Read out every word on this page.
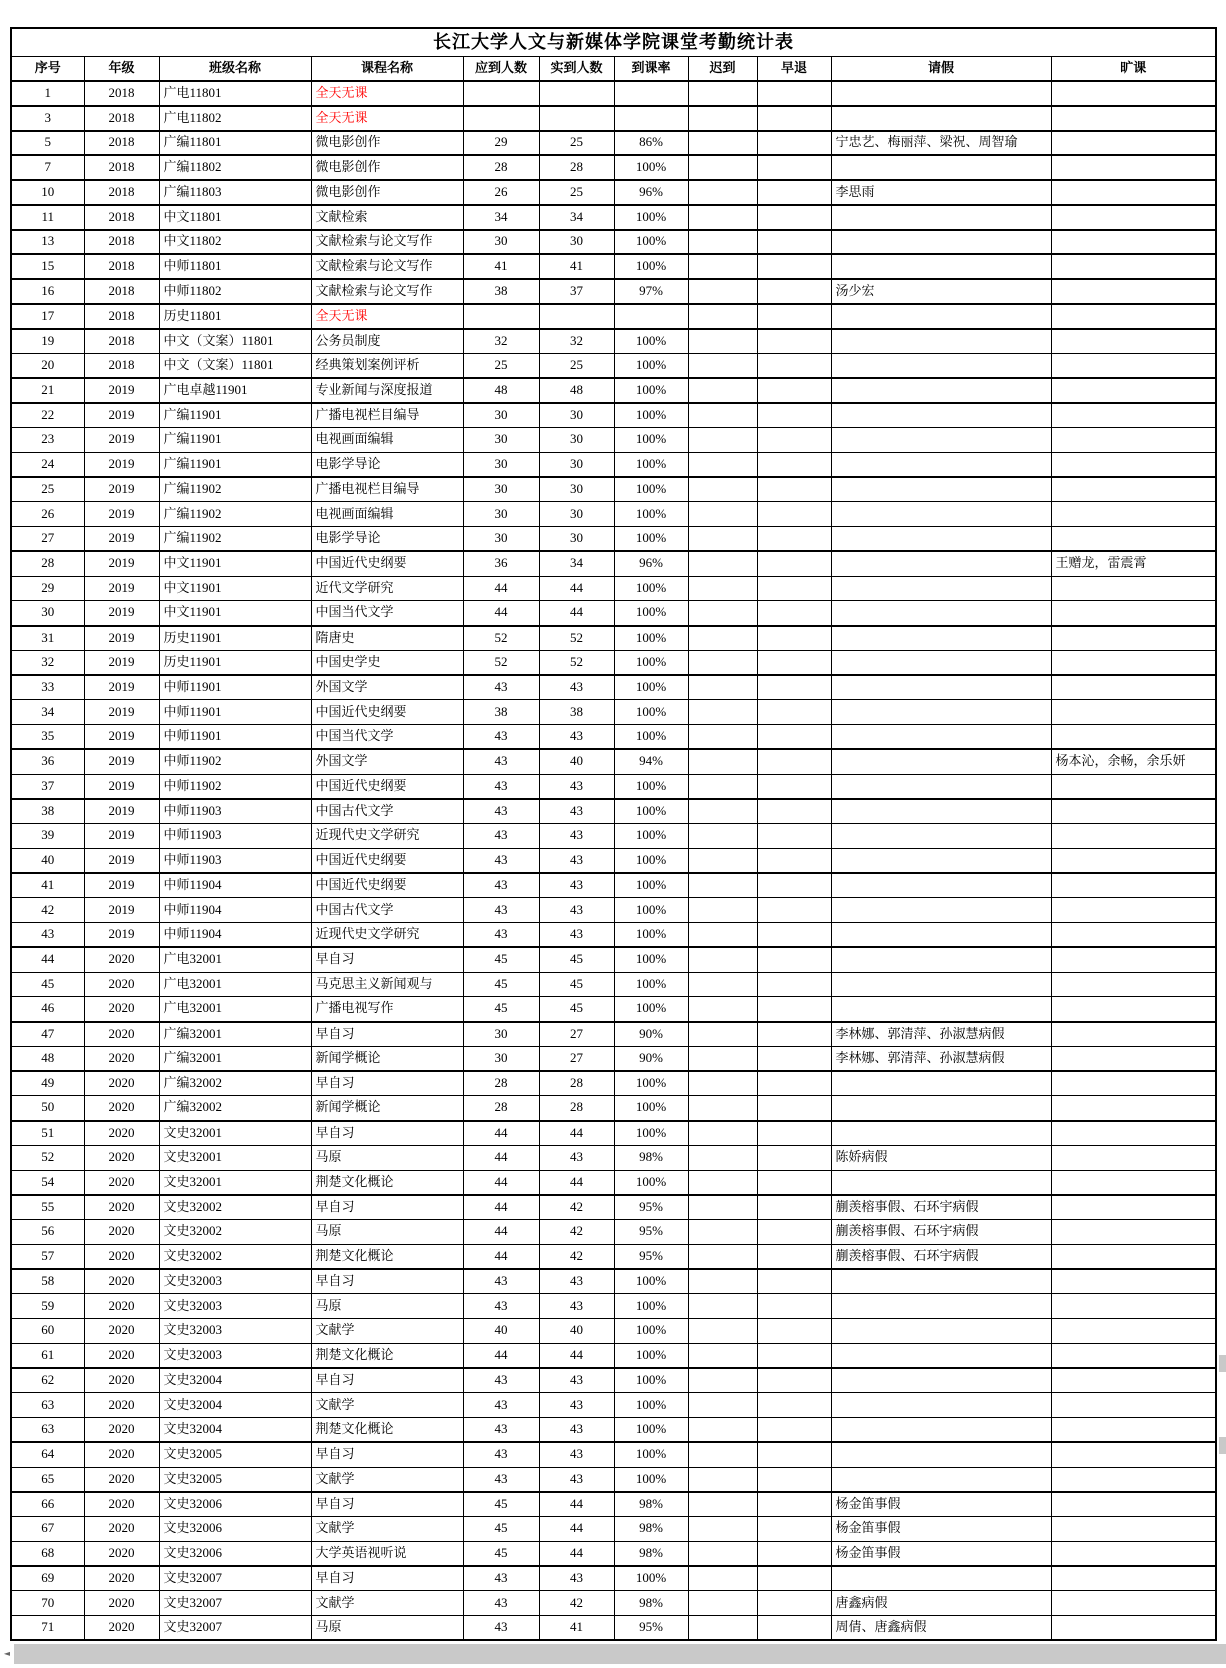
长江大学人文与新媒体学院课堂考勤统计表										
序号	年级	班级名称	课程名称	应到人数	实到人数	到课率	迟到	早退	请假	旷课
1	2018	广电11801	全天无课							
3	2018	广电11802	全天无课							
5	2018	广编11801	微电影创作	29	25	86%			宁忠艺、梅丽萍、梁祝、周智瑜	
7	2018	广编11802	微电影创作	28	28	100%				
10	2018	广编11803	微电影创作	26	25	96%			李思雨	
11	2018	中文11801	文献检索	34	34	100%				
13	2018	中文11802	文献检索与论文写作	30	30	100%				
15	2018	中师11801	文献检索与论文写作	41	41	100%				
16	2018	中师11802	文献检索与论文写作	38	37	97%			汤少宏	
17	2018	历史11801	全天无课							
19	2018	中文（文案）11801	公务员制度	32	32	100%				
20	2018	中文（文案）11801	经典策划案例评析	25	25	100%				
21	2019	广电卓越11901	专业新闻与深度报道	48	48	100%				
22	2019	广编11901	广播电视栏目编导	30	30	100%				
23	2019	广编11901	电视画面编辑	30	30	100%				
24	2019	广编11901	电影学导论	30	30	100%				
25	2019	广编11902	广播电视栏目编导	30	30	100%				
26	2019	广编11902	电视画面编辑	30	30	100%				
27	2019	广编11902	电影学导论	30	30	100%				
28	2019	中文11901	中国近代史纲要	36	34	96%				王赠龙，雷震霄
29	2019	中文11901	近代文学研究	44	44	100%				
30	2019	中文11901	中国当代文学	44	44	100%				
31	2019	历史11901	隋唐史	52	52	100%				
32	2019	历史11901	中国史学史	52	52	100%				
33	2019	中师11901	外国文学	43	43	100%				
34	2019	中师11901	中国近代史纲要	38	38	100%				
35	2019	中师11901	中国当代文学	43	43	100%				
36	2019	中师11902	外国文学	43	40	94%				杨本沁，余畅，余乐妍
37	2019	中师11902	中国近代史纲要	43	43	100%				
38	2019	中师11903	中国古代文学	43	43	100%				
39	2019	中师11903	近现代史文学研究	43	43	100%				
40	2019	中师11903	中国近代史纲要	43	43	100%				
41	2019	中师11904	中国近代史纲要	43	43	100%				
42	2019	中师11904	中国古代文学	43	43	100%				
43	2019	中师11904	近现代史文学研究	43	43	100%				
44	2020	广电32001	早自习	45	45	100%				
45	2020	广电32001	马克思主义新闻观与	45	45	100%				
46	2020	广电32001	广播电视写作	45	45	100%				
47	2020	广编32001	早自习	30	27	90%			李林娜、郭清萍、孙淑慧病假	
48	2020	广编32001	新闻学概论	30	27	90%			李林娜、郭清萍、孙淑慧病假	
49	2020	广编32002	早自习	28	28	100%				
50	2020	广编32002	新闻学概论	28	28	100%				
51	2020	文史32001	早自习	44	44	100%				
52	2020	文史32001	马原	44	43	98%			陈娇病假	
54	2020	文史32001	荆楚文化概论	44	44	100%				
55	2020	文史32002	早自习	44	42	95%			蒯羡榕事假、石环宇病假	
56	2020	文史32002	马原	44	42	95%			蒯羡榕事假、石环宇病假	
57	2020	文史32002	荆楚文化概论	44	42	95%			蒯羡榕事假、石环宇病假	
58	2020	文史32003	早自习	43	43	100%				
59	2020	文史32003	马原	43	43	100%				
60	2020	文史32003	文献学	40	40	100%				
61	2020	文史32003	荆楚文化概论	44	44	100%				
62	2020	文史32004	早自习	43	43	100%				
63	2020	文史32004	文献学	43	43	100%				
63	2020	文史32004	荆楚文化概论	43	43	100%				
64	2020	文史32005	早自习	43	43	100%				
65	2020	文史32005	文献学	43	43	100%				
66	2020	文史32006	早自习	45	44	98%			杨金笛事假	
67	2020	文史32006	文献学	45	44	98%			杨金笛事假	
68	2020	文史32006	大学英语视听说	45	44	98%			杨金笛事假	
69	2020	文史32007	早自习	43	43	100%				
70	2020	文史32007	文献学	43	42	98%			唐鑫病假	
71	2020	文史32007	马原	43	41	95%			周倩、唐鑫病假	
◄
